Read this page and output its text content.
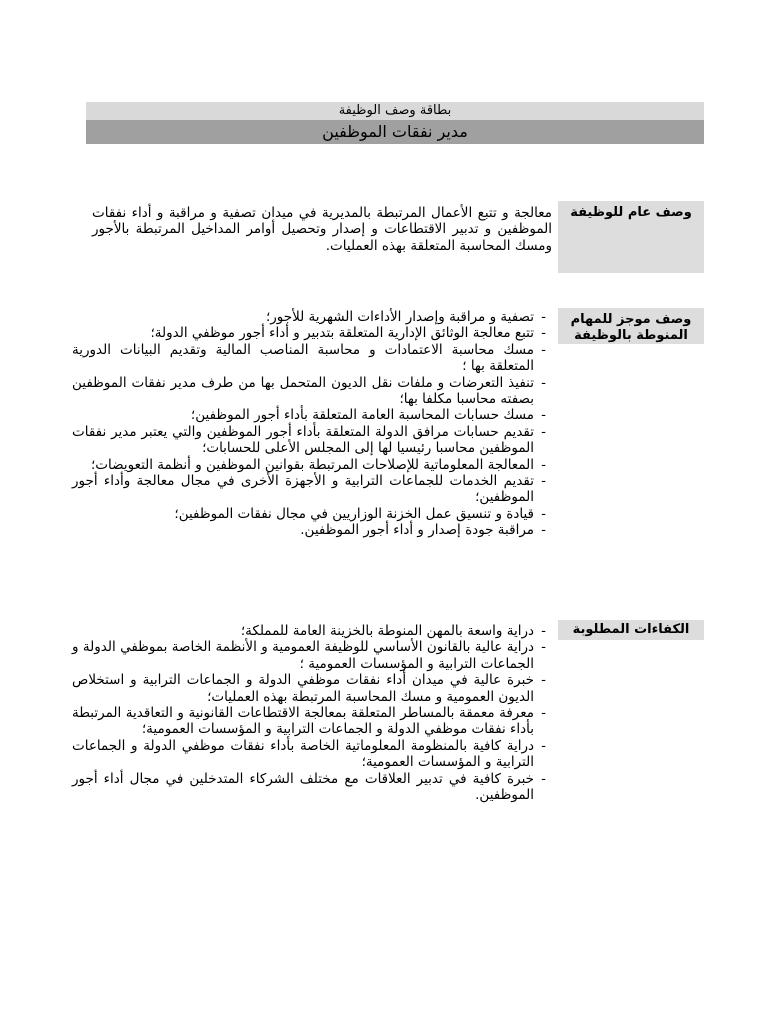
بطاقة وصف الوظيفة
مدير نفقات الموظفين
وصف عام للوظيفة

معالجة و تتبع الأعمال المرتبطة بالمديرية في ميدان تصفية و مراقبة و أداء نفقات الموظفين و تدبير الاقتطاعات و إصدار وتحصيل أوامر المداخيل المرتبطة بالأجور ومسك المحاسبة المتعلقة بهذه العمليات.

وصف موجز للمهام المنوطة بالوظيفة
-
تصفية و مراقبة وإصدار الأداءات الشهرية للأجور؛
-
تتبع معالجة الوثائق الإدارية المتعلقة بتدبير و أداء أجور موظفي الدولة؛
-
مسك محاسبة الاعتمادات و محاسبة المناصب المالية وتقديم البيانات الدورية المتعلقة بها ؛
-
تنفيذ التعرضات و ملفات نقل الديون المتحمل بها من طرف مدير نفقات الموظفين بصفته محاسبا مكلفا بها؛
-
مسك حسابات المحاسبة العامة المتعلقة بأداء أجور الموظفين؛
-
تقديم حسابات مرافق الدولة المتعلقة بأداء أجور الموظفين والتي يعتبر مدير نفقات الموظفين محاسبا رئيسيا لها إلى المجلس الأعلى للحسابات؛
-
المعالجة المعلوماتية للإصلاحات المرتبطة بقوانين الموظفين و أنظمة التعويضات؛
-
تقديم الخدمات للجماعات الترابية و الأجهزة الأخرى في مجال معالجة وأداء أجور الموظفين؛
-
قيادة و تنسيق عمل الخزنة الوزاريين في مجال نفقات الموظفين؛
-
مراقبة جودة إصدار و أداء أجور الموظفين.
الكفاءات المطلوبة
-
دراية واسعة بالمهن المنوطة بالخزينة العامة للمملكة؛
-
دراية عالية بالقانون الأساسي للوظيفة العمومية و الأنظمة الخاصة بموظفي الدولة و الجماعات الترابية و المؤسسات العمومية ؛
-
خبرة عالية في ميدان أداء نفقات موظفي الدولة و الجماعات الترابية و استخلاص الديون العمومية و مسك المحاسبة المرتبطة بهذه العمليات؛
-
معرفة معمقة بالمساطر المتعلقة بمعالجة الاقتطاعات القانونية و التعاقدية المرتبطة بأداء نفقات موظفي الدولة و الجماعات الترابية و المؤسسات العمومية؛
-
دراية كافية بالمنظومة المعلوماتية الخاصة بأداء نفقات موظفي الدولة و الجماعات الترابية و المؤسسات العمومية؛
-
خبرة كافية في تدبير العلاقات مع مختلف الشركاء المتدخلين في مجال أداء أجور الموظفين.
